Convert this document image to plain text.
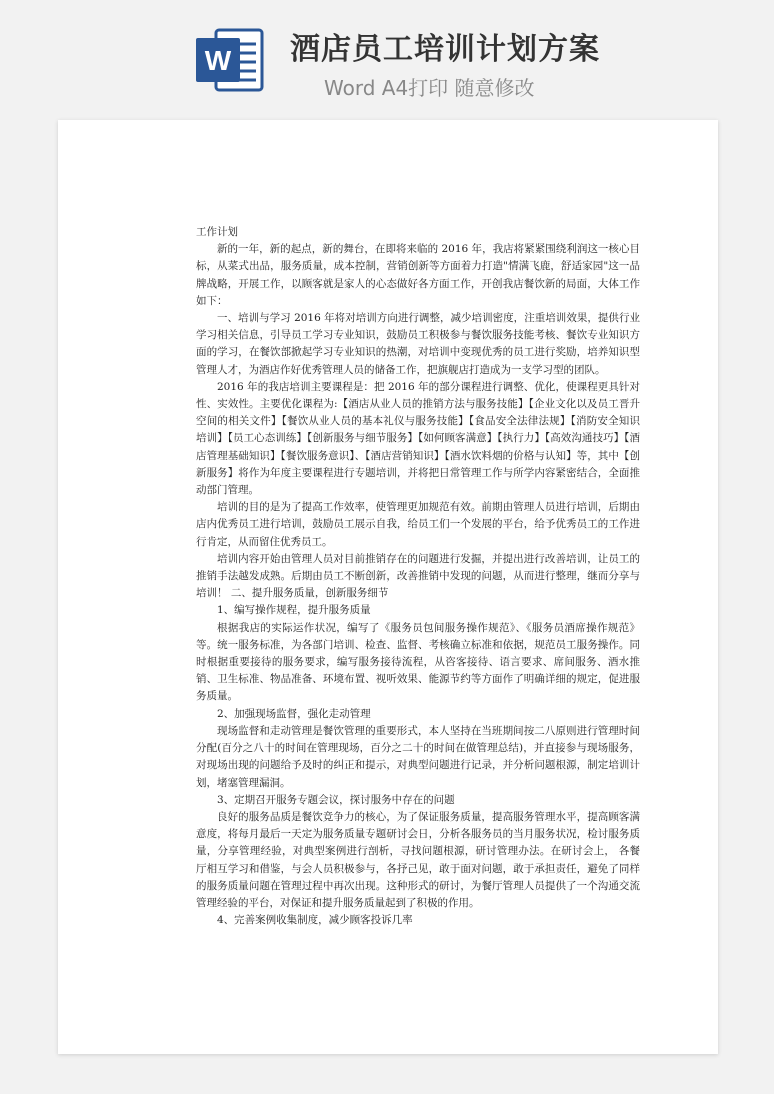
W 酒店员工培训计划方案
Word A4打印 随意修改

工作计划

新的一年，新的起点，新的舞台，在即将来临的 2016 年，我店将紧紧围绕利润这一核心目标，从菜式出品，服务质量，成本控制，营销创新等方面着力打造"情满飞鹿，舒适家园"这一品牌战略，开展工作，以顾客就是家人的心态做好各方面工作，开创我店餐饮新的局面，大体工作如下：

一、培训与学习 2016 年将对培训方向进行调整，减少培训密度，注重培训效果，提供行业学习相关信息，引导员工学习专业知识，鼓励员工积极参与餐饮服务技能考核、餐饮专业知识方面的学习，在餐饮部掀起学习专业知识的热潮，对培训中变现优秀的员工进行奖励，培养知识型管理人才，为酒店作好优秀管理人员的储备工作，把旗舰店打造成为一支学习型的团队。

2016 年的我店培训主要课程是：把 2016 年的部分课程进行调整、优化，使课程更具针对性、实效性。主要优化课程为:【酒店从业人员的推销方法与服务技能】【企业文化以及员工晋升空间的相关文件】【餐饮从业人员的基本礼仪与服务技能】【食品安全法律法规】【消防安全知识培训】【员工心态训练】【创新服务与细节服务】【如何顾客满意】【执行力】【高效沟通技巧】【酒店管理基础知识】【餐饮服务意识】、【酒店营销知识】【酒水饮料烟的价格与认知】等，其中【创新服务】将作为年度主要课程进行专题培训，并将把日常管理工作与所学内容紧密结合，全面推动部门管理。

培训的目的是为了提高工作效率，使管理更加规范有效。前期由管理人员进行培训，后期由店内优秀员工进行培训，鼓励员工展示自我，给员工们一个发展的平台，给予优秀员工的工作进行肯定，从而留住优秀员工。

培训内容开始由管理人员对目前推销存在的问题进行发掘，并提出进行改善培训，让员工的推销手法越发成熟。后期由员工不断创新，改善推销中发现的问题，从而进行整理，继而分享与培训！ 二、提升服务质量，创新服务细节

1、编写操作规程，提升服务质量

根据我店的实际运作状况，编写了《服务员包间服务操作规范》、《服务员酒席操作规范》等。统一服务标准，为各部门培训、检查、监督、考核确立标准和依据，规范员工服务操作。同时根据重要接待的服务要求，编写服务接待流程，从咨客接待、语言要求、席间服务、酒水推销、卫生标准、物品准备、环境布置、视听效果、能源节约等方面作了明确详细的规定，促进服务质量。

2、加强现场监督，强化走动管理

现场监督和走动管理是餐饮管理的重要形式，本人坚持在当班期间按二八原则进行管理时间分配(百分之八十的时间在管理现场，百分之二十的时间在做管理总结)，并直接参与现场服务，对现场出现的问题给予及时的纠正和提示，对典型问题进行记录，并分析问题根源，制定培训计划，堵塞管理漏洞。

3、定期召开服务专题会议，探讨服务中存在的问题

良好的服务品质是餐饮竞争力的核心，为了保证服务质量，提高服务管理水平，提高顾客满意度，将每月最后一天定为服务质量专题研讨会日，分析各服务员的当月服务状况，检讨服务质量，分享管理经验，对典型案例进行剖析，寻找问题根源，研讨管理办法。在研讨会上， 各餐厅相互学习和借鉴，与会人员积极参与，各抒己见，敢于面对问题，敢于承担责任，避免了同样的服务质量问题在管理过程中再次出现。这种形式的研讨，为餐厅管理人员提供了一个沟通交流管理经验的平台，对保证和提升服务质量起到了积极的作用。

4、完善案例收集制度，减少顾客投诉几率
